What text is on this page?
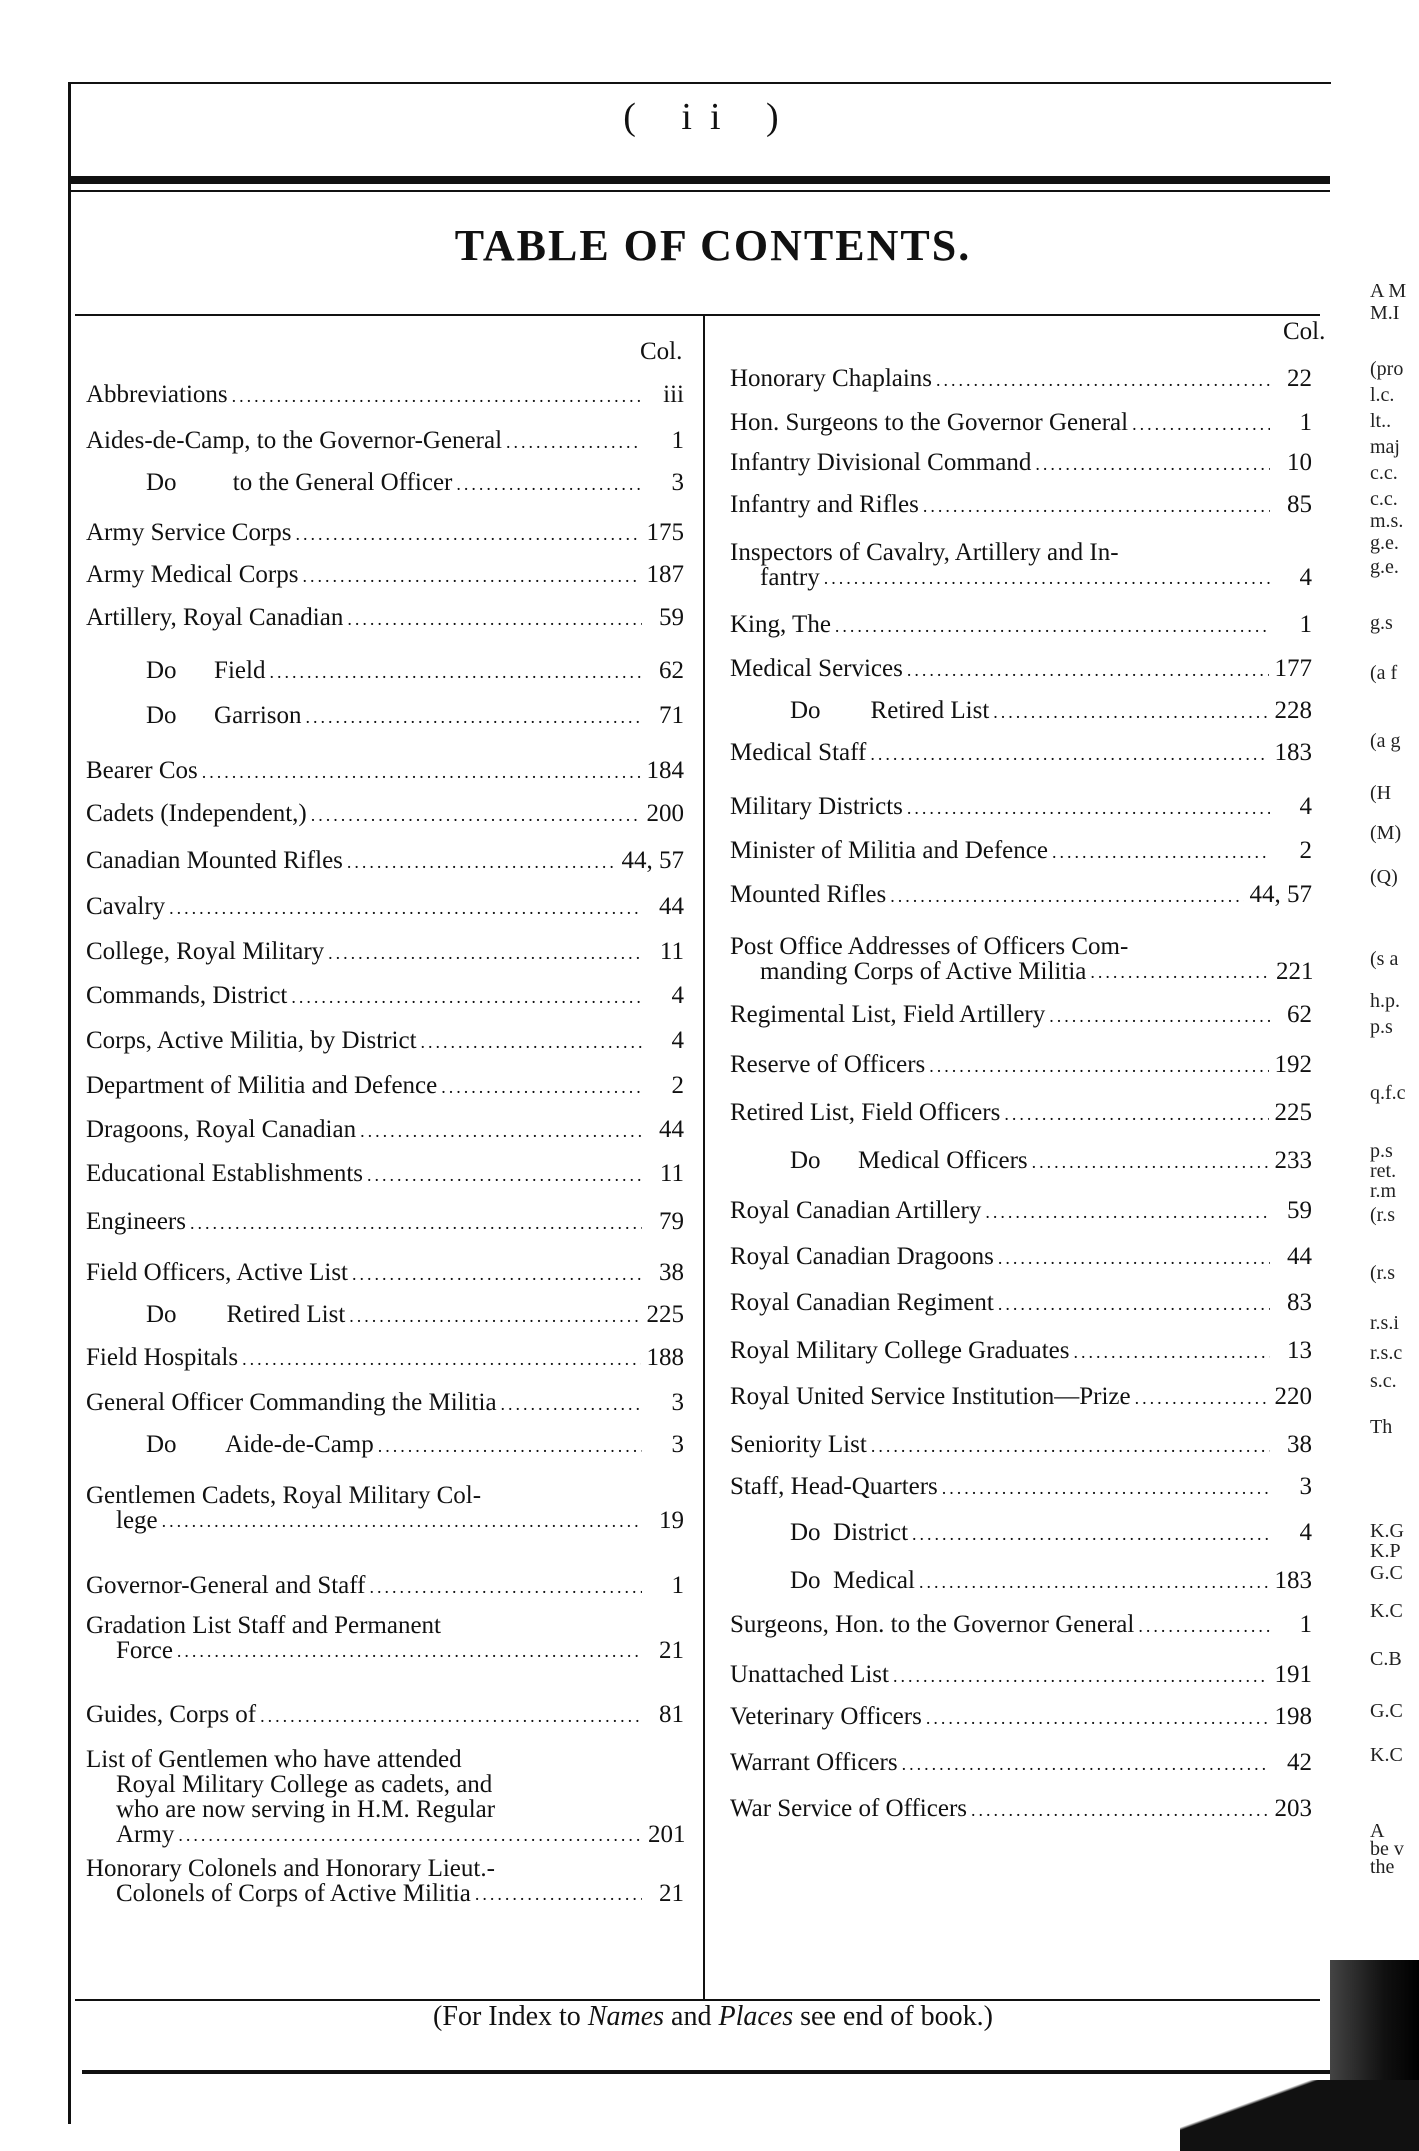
( ii )
TABLE OF CONTENTS.
Col.
Col.
Abbreviations .....	iii
Aides-de-Camp, to the Governor-General .....	1
Do         to the General Officer .....	3
Army Service Corps .....	175
Army Medical Corps .....	187
Artillery, Royal Canadian .....	59
Do      Field .....	62
Do      Garrison .....	71
Bearer Cos .....	184
Cadets (Independent,) .....	200
Canadian Mounted Rifles .....	44, 57
Cavalry .....	44
College, Royal Military .....	11
Commands, District .....	4
Corps, Active Militia, by District .....	4
Department of Militia and Defence .....	2
Dragoons, Royal Canadian .....	44
Educational Establishments .....	11
Engineers .....	79
Field Officers, Active List .....	38
Do        Retired List .....	225
Field Hospitals .....	188
General Officer Commanding the Militia .....	3
Do        Aide-de-Camp .....	3
Gentlemen Cadets, Royal Military Col-
lege .....	19
Governor-General and Staff .....	1
Gradation List Staff and Permanent
Force .....	21
Guides, Corps of .....	81
List of Gentlemen who have attended
Royal Military College as cadets, and
who are now serving in H.M. Regular
Army .....	201
Honorary Colonels and Honorary Lieut.-
Colonels of Corps of Active Militia .....	21
Honorary Chaplains .....	22
Hon. Surgeons to the Governor General .....	1
Infantry Divisional Command .....	10
Infantry and Rifles .....	85
Inspectors of Cavalry, Artillery and In-
fantry .....	4
King, The .....	1
Medical Services .....	177
Do        Retired List .....	228
Medical Staff .....	183
Military Districts .....	4
Minister of Militia and Defence .....	2
Mounted Rifles .....	44, 57
Post Office Addresses of Officers Com-
manding Corps of Active Militia .....	221
Regimental List, Field Artillery .....	62
Reserve of Officers .....	192
Retired List, Field Officers .....	225
Do      Medical Officers .....	233
Royal Canadian Artillery .....	59
Royal Canadian Dragoons .....	44
Royal Canadian Regiment .....	83
Royal Military College Graduates .....	13
Royal United Service Institution—Prize .....	220
Seniority List .....	38
Staff, Head-Quarters .....	3
Do  District .....	4
Do  Medical .....	183
Surgeons, Hon. to the Governor General .....	1
Unattached List .....	191
Veterinary Officers .....	198
Warrant Officers .....	42
War Service of Officers .....	203
(For Index to Names and Places see end of book.)
A M
M.I
(pro
l.c.
lt..
maj
c.c.
c.c.
m.s.
g.e.
g.e.
g.s
(a f
(a g
(H
(M)
(Q)
(s a
h.p.
p.s
q.f.c
p.s
ret.
r.m
(r.s
(r.s
r.s.i
r.s.c
s.c.
Th
K.G
K.P
G.C
K.C
C.B
G.C
K.C
A
be v
the
